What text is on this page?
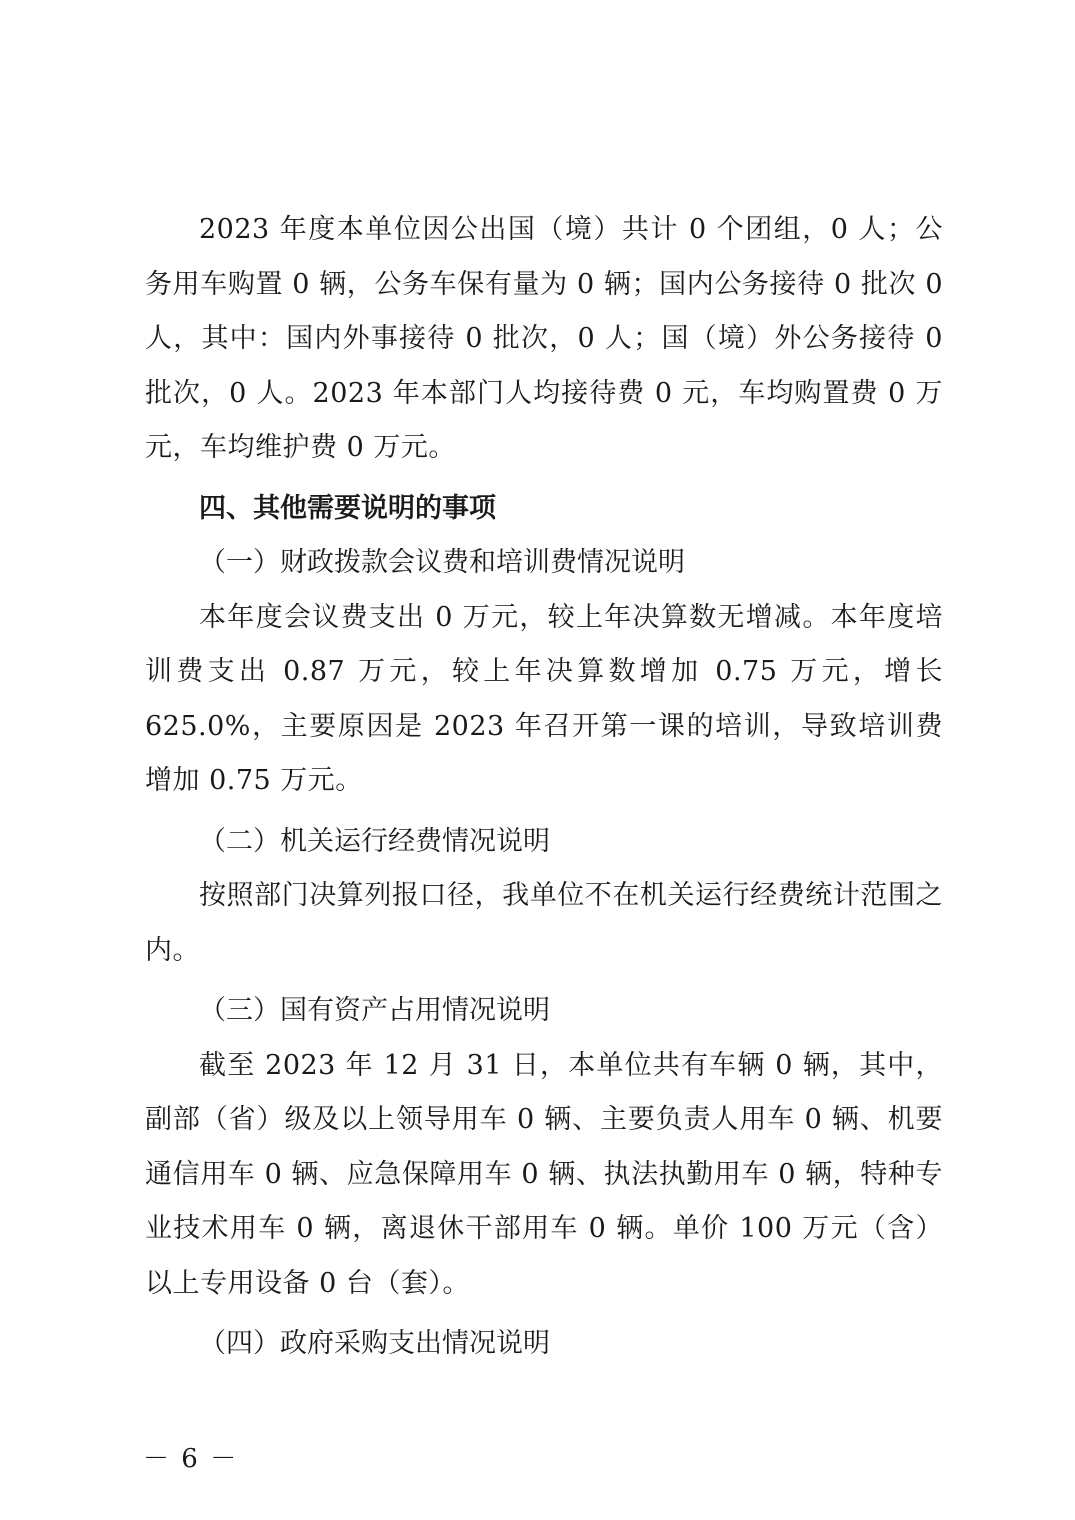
2023 年度本单位因公出国（境）共计 0 个团组，0 人；公务用车购置 0 辆，公务车保有量为 0 辆；国内公务接待 0 批次 0 人，其中：国内外事接待 0 批次，0 人；国（境）外公务接待 0 批次，0 人。2023 年本部门人均接待费 0 元，车均购置费 0 万元，车均维护费 0 万元。

四、其他需要说明的事项

（一）财政拨款会议费和培训费情况说明

本年度会议费支出 0 万元，较上年决算数无增减。本年度培训费支出 0.87 万元，较上年决算数增加 0.75 万元，增长 625.0%，主要原因是 2023 年召开第一课的培训，导致培训费增加 0.75 万元。

（二）机关运行经费情况说明

按照部门决算列报口径，我单位不在机关运行经费统计范围之内。

（三）国有资产占用情况说明

截至 2023 年 12 月 31 日，本单位共有车辆 0 辆，其中，副部（省）级及以上领导用车 0 辆、主要负责人用车 0 辆、机要通信用车 0 辆、应急保障用车 0 辆、执法执勤用车 0 辆，特种专业技术用车 0 辆，离退休干部用车 0 辆。单价 100 万元（含）以上专用设备 0 台（套）。

（四）政府采购支出情况说明

－ 6 －
